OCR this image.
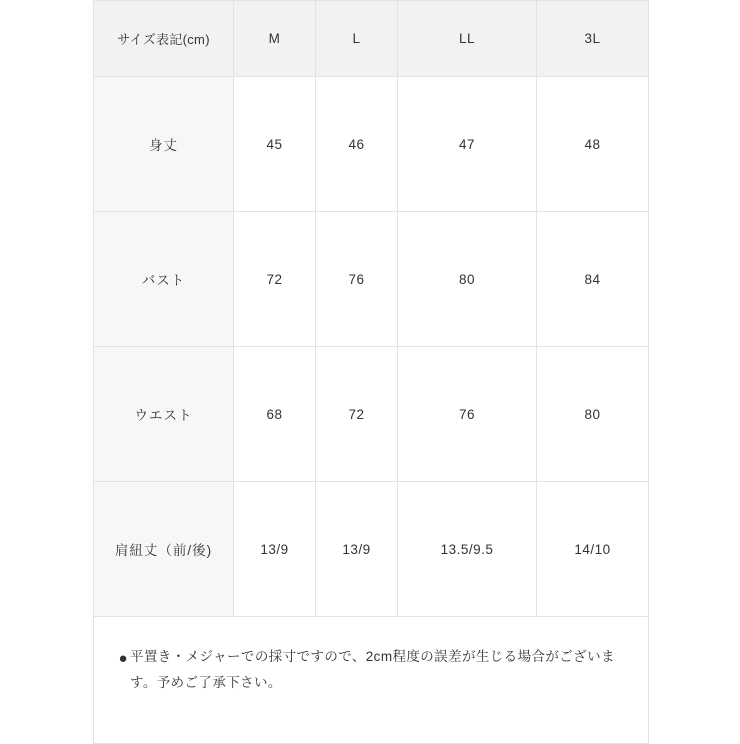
サイズ表記(cm)	M	L	LL	3L
身丈	45	46	47	48
バスト	72	76	80	84
ウエスト	68	72	76	80
肩紐丈（前/後)	13/9	13/9	13.5/9.5	14/10

● 平置き・メジャーでの採寸ですので、2cm程度の誤差が生じる場合がございます。予めご了承下さい。				
